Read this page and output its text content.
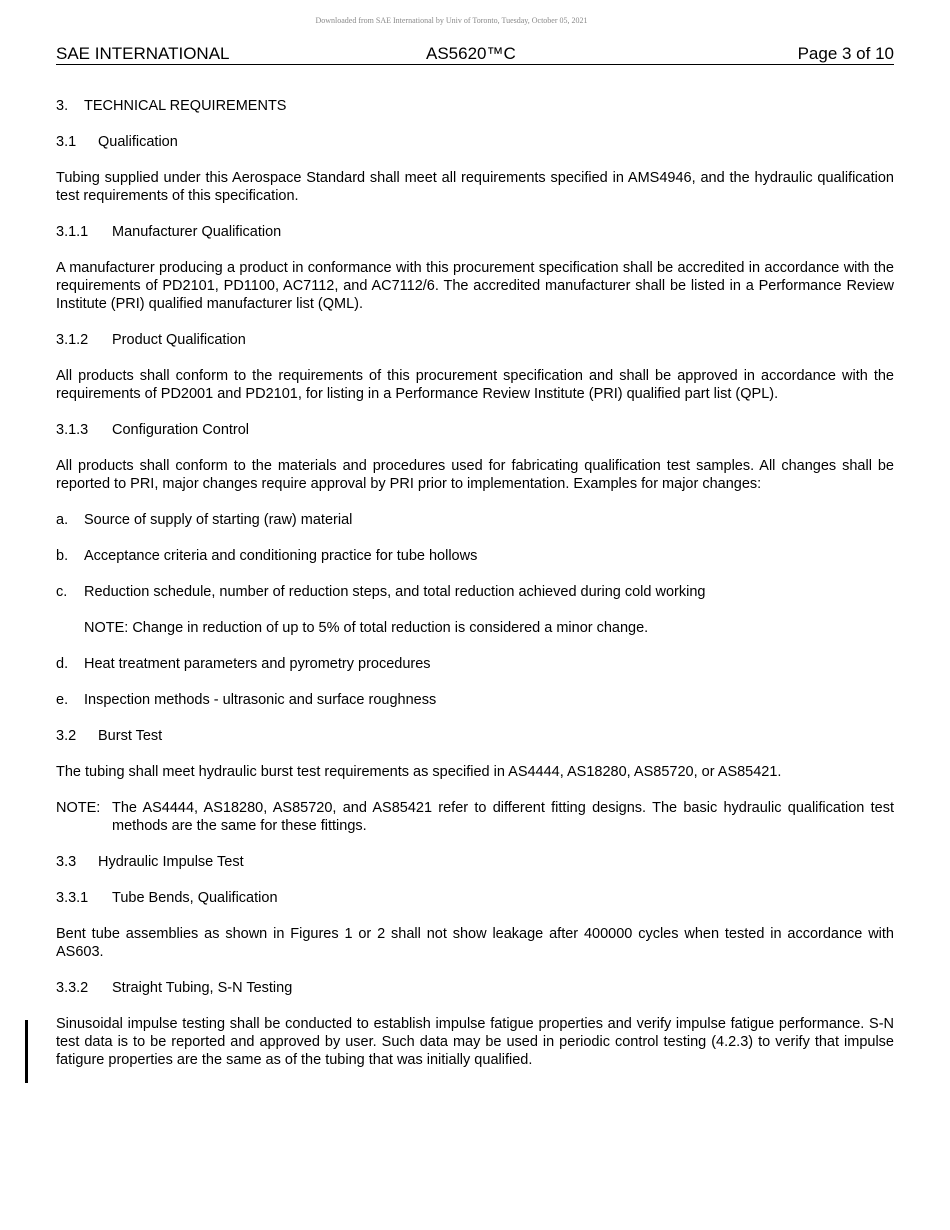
Downloaded from SAE International by Univ of Toronto, Tuesday, October 05, 2021
SAE INTERNATIONAL	AS5620™C	Page 3 of 10

3. TECHNICAL REQUIREMENTS

3.1 Qualification

Tubing supplied under this Aerospace Standard shall meet all requirements specified in AMS4946, and the hydraulic qualification test requirements of this specification.

3.1.1 Manufacturer Qualification

A manufacturer producing a product in conformance with this procurement specification shall be accredited in accordance with the requirements of PD2101, PD1100, AC7112, and AC7112/6. The accredited manufacturer shall be listed in a Performance Review Institute (PRI) qualified manufacturer list (QML).

3.1.2 Product Qualification

All products shall conform to the requirements of this procurement specification and shall be approved in accordance with the requirements of PD2001 and PD2101, for listing in a Performance Review Institute (PRI) qualified part list (QPL).

3.1.3 Configuration Control

All products shall conform to the materials and procedures used for fabricating qualification test samples. All changes shall be reported to PRI, major changes require approval by PRI prior to implementation. Examples for major changes:

a. Source of supply of starting (raw) material

b. Acceptance criteria and conditioning practice for tube hollows

c. Reduction schedule, number of reduction steps, and total reduction achieved during cold working

NOTE: Change in reduction of up to 5% of total reduction is considered a minor change.

d. Heat treatment parameters and pyrometry procedures

e. Inspection methods - ultrasonic and surface roughness

3.2 Burst Test

The tubing shall meet hydraulic burst test requirements as specified in AS4444, AS18280, AS85720, or AS85421.

NOTE: The AS4444, AS18280, AS85720, and AS85421 refer to different fitting designs. The basic hydraulic qualification test methods are the same for these fittings.

3.3 Hydraulic Impulse Test

3.3.1 Tube Bends, Qualification

Bent tube assemblies as shown in Figures 1 or 2 shall not show leakage after 400000 cycles when tested in accordance with AS603.

3.3.2 Straight Tubing, S-N Testing

Sinusoidal impulse testing shall be conducted to establish impulse fatigue properties and verify impulse fatigue performance. S-N test data is to be reported and approved by user. Such data may be used in periodic control testing (4.2.3) to verify that impulse fatigure properties are the same as of the tubing that was initially qualified.
